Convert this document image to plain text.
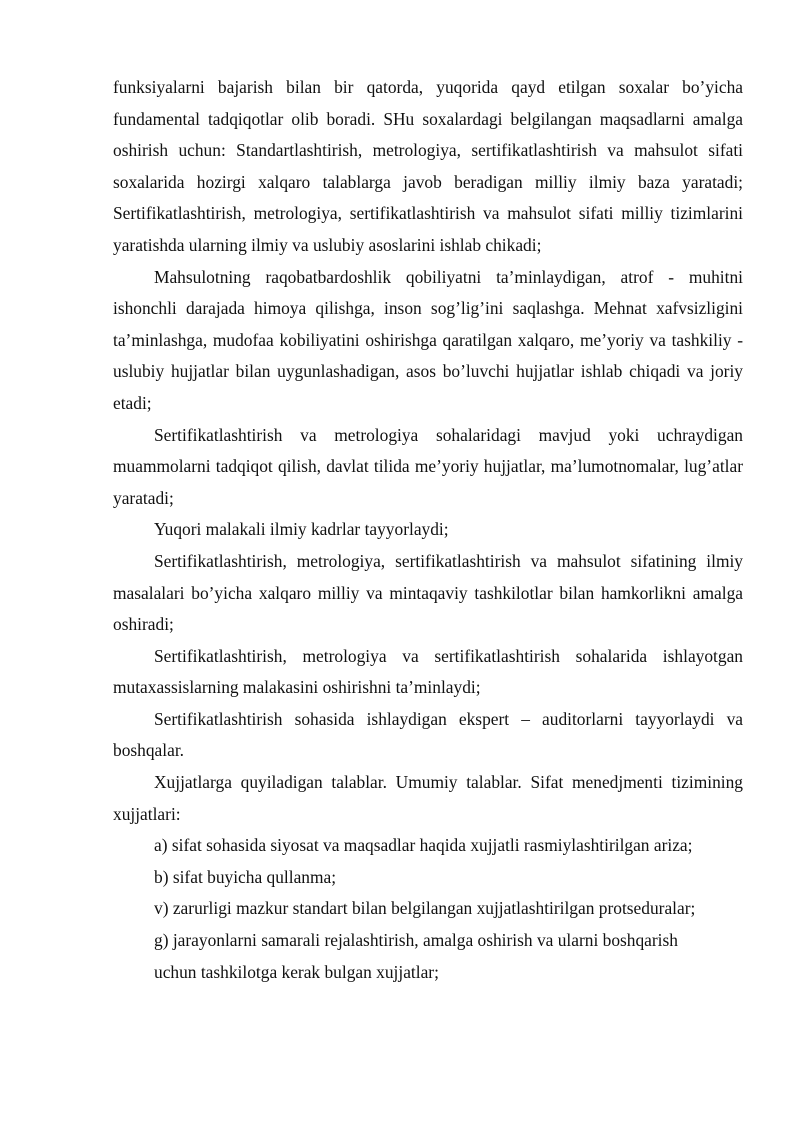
funksiyalarni bajarish bilan bir qatorda, yuqorida qayd etilgan soxalar bo’yicha fundamental tadqiqotlar olib boradi. SHu soxalardagi belgilangan maqsadlarni amalga oshirish uchun: Standartlashtirish, metrologiya, sertifikatlashtirish va mahsulot sifati soxalarida hozirgi xalqaro talablarga javob beradigan milliy ilmiy baza yaratadi; Sertifikatlashtirish, metrologiya, sertifikatlashtirish va mahsulot sifati milliy tizimlarini yaratishda ularning ilmiy va uslubiy asoslarini ishlab chikadi;

Mahsulotning raqobatbardoshlik qobiliyatni ta’minlaydigan, atrof - muhitni ishonchli darajada himoya qilishga, inson sog’lig’ini saqlashga. Mehnat xafvsizligini ta’minlashga, mudofaa kobiliyatini oshirishga qaratilgan xalqaro, me’yoriy va tashkiliy - uslubiy hujjatlar bilan uygunlashadigan, asos bo’luvchi hujjatlar ishlab chiqadi va joriy etadi;

Sertifikatlashtirish va metrologiya sohalaridagi mavjud yoki uchraydigan muammolarni tadqiqot qilish, davlat tilida me’yoriy hujjatlar, ma’lumotnomalar, lug’atlar yaratadi;

Yuqori malakali ilmiy kadrlar tayyorlaydi;

Sertifikatlashtirish, metrologiya, sertifikatlashtirish va mahsulot sifatining ilmiy masalalari bo’yicha xalqaro milliy va mintaqaviy tashkilotlar bilan hamkorlikni amalga oshiradi;

Sertifikatlashtirish, metrologiya va sertifikatlashtirish sohalarida ishlayotgan mutaxassislarning malakasini oshirishni ta’minlaydi;

Sertifikatlashtirish sohasida ishlaydigan ekspert – auditorlarni tayyorlaydi va boshqalar.

Xujjatlarga quyiladigan talablar. Umumiy talablar. Sifat menedjmenti tizimining xujjatlari:

a) sifat sohasida siyosat va maqsadlar haqida xujjatli rasmiylashtirilgan ariza;

b) sifat buyicha qullanma;

v) zarurligi mazkur standart bilan belgilangan xujjatlashtirilgan protseduralar;

g) jarayonlarni samarali rejalashtirish, amalga oshirish va ularni boshqarish

uchun tashkilotga kerak bulgan xujjatlar;
